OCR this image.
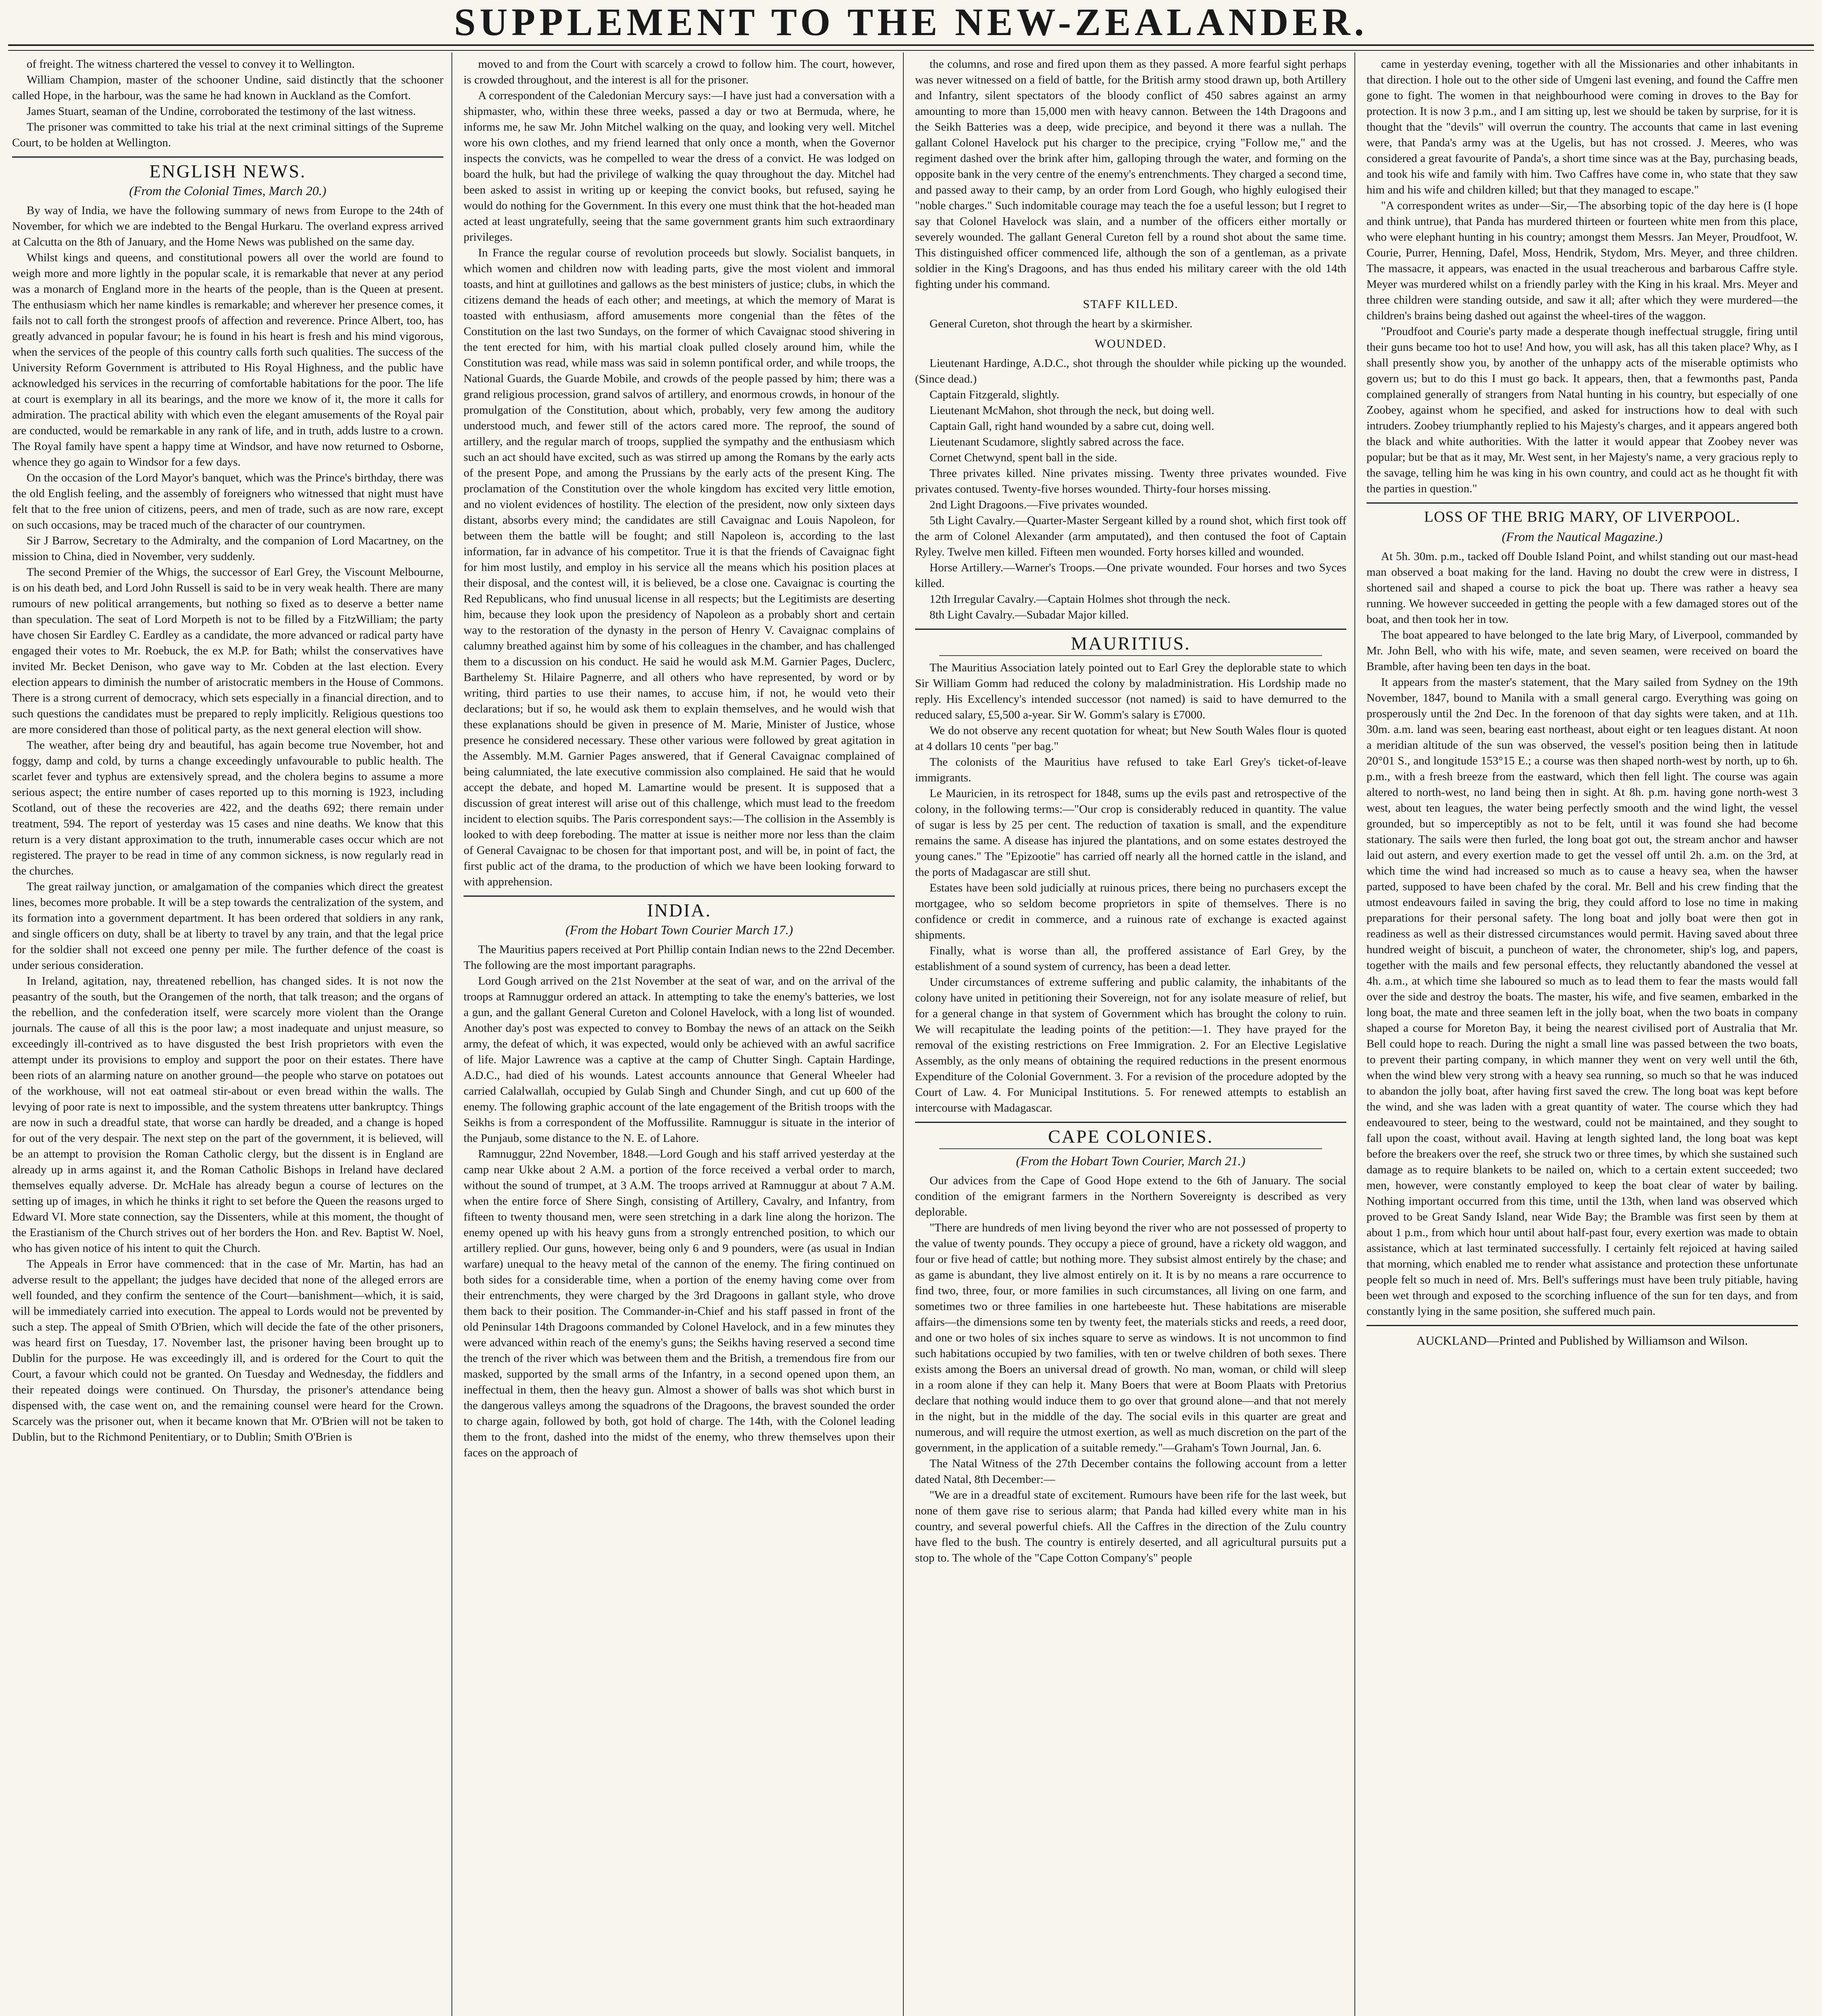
SUPPLEMENT TO THE NEW-ZEALANDER.

of freight. The witness chartered the vessel to convey it to Wellington.

William Champion, master of the schooner Undine, said distinctly that the schooner called Hope, in the harbour, was the same he had known in Auckland as the Comfort.

James Stuart, seaman of the Undine, corroborated the testimony of the last witness.

The prisoner was committed to take his trial at the next criminal sittings of the Supreme Court, to be holden at Wellington.

ENGLISH NEWS.
(From the Colonial Times, March 20.)

By way of India, we have the following summary of news from Europe to the 24th of November, for which we are indebted to the Bengal Hurkaru. The overland express arrived at Calcutta on the 8th of January, and the Home News was published on the same day.

Whilst kings and queens, and constitutional powers all over the world are found to weigh more and more lightly in the popular scale, it is remarkable that never at any period was a monarch of England more in the hearts of the people, than is the Queen at present. The enthusiasm which her name kindles is remarkable; and wherever her presence comes, it fails not to call forth the strongest proofs of affection and reverence. Prince Albert, too, has greatly advanced in popular favour; he is found in his heart is fresh and his mind vigorous, when the services of the people of this country calls forth such qualities. The success of the University Reform Government is attributed to His Royal Highness, and the public have acknowledged his services in the recurring of comfortable habitations for the poor. The life at court is exemplary in all its bearings, and the more we know of it, the more it calls for admiration. The practical ability with which even the elegant amusements of the Royal pair are conducted, would be remarkable in any rank of life, and in truth, adds lustre to a crown. The Royal family have spent a happy time at Windsor, and have now returned to Osborne, whence they go again to Windsor for a few days.

On the occasion of the Lord Mayor's banquet, which was the Prince's birthday, there was the old English feeling, and the assembly of foreigners who witnessed that night must have felt that to the free union of citizens, peers, and men of trade, such as are now rare, except on such occasions, may be traced much of the character of our countrymen.

Sir J Barrow, Secretary to the Admiralty, and the companion of Lord Macartney, on the mission to China, died in November, very suddenly.

The second Premier of the Whigs, the successor of Earl Grey, the Viscount Melbourne, is on his death bed, and Lord John Russell is said to be in very weak health. There are many rumours of new political arrangements, but nothing so fixed as to deserve a better name than speculation. The seat of Lord Morpeth is not to be filled by a FitzWilliam; the party have chosen Sir Eardley C. Eardley as a candidate, the more advanced or radical party have engaged their votes to Mr. Roebuck, the ex M.P. for Bath; whilst the conservatives have invited Mr. Becket Denison, who gave way to Mr. Cobden at the last election. Every election appears to diminish the number of aristocratic members in the House of Commons. There is a strong current of democracy, which sets especially in a financial direction, and to such questions the candidates must be prepared to reply implicitly. Religious questions too are more considered than those of political party, as the next general election will show.

The weather, after being dry and beautiful, has again become true November, hot and foggy, damp and cold, by turns a change exceedingly unfavourable to public health. The scarlet fever and typhus are extensively spread, and the cholera begins to assume a more serious aspect; the entire number of cases reported up to this morning is 1923, including Scotland, out of these the recoveries are 422, and the deaths 692; there remain under treatment, 594. The report of yesterday was 15 cases and nine deaths. We know that this return is a very distant approximation to the truth, innumerable cases occur which are not registered. The prayer to be read in time of any common sickness, is now regularly read in the churches.

The great railway junction, or amalgamation of the companies which direct the greatest lines, becomes more probable. It will be a step towards the centralization of the system, and its formation into a government department. It has been ordered that soldiers in any rank, and single officers on duty, shall be at liberty to travel by any train, and that the legal price for the soldier shall not exceed one penny per mile. The further defence of the coast is under serious consideration.

In Ireland, agitation, nay, threatened rebellion, has changed sides. It is not now the peasantry of the south, but the Orangemen of the north, that talk treason; and the organs of the rebellion, and the confederation itself, were scarcely more violent than the Orange journals. The cause of all this is the poor law; a most inadequate and unjust measure, so exceedingly ill-contrived as to have disgusted the best Irish proprietors with even the attempt under its provisions to employ and support the poor on their estates. There have been riots of an alarming nature on another ground—the people who starve on potatoes out of the workhouse, will not eat oatmeal stir-about or even bread within the walls. The levying of poor rate is next to impossible, and the system threatens utter bankruptcy. Things are now in such a dreadful state, that worse can hardly be dreaded, and a change is hoped for out of the very despair. The next step on the part of the government, it is believed, will be an attempt to provision the Roman Catholic clergy, but the dissent is in England are already up in arms against it, and the Roman Catholic Bishops in Ireland have declared themselves equally adverse. Dr. McHale has already begun a course of lectures on the setting up of images, in which he thinks it right to set before the Queen the reasons urged to Edward VI. More state connection, say the Dissenters, while at this moment, the thought of the Erastianism of the Church strives out of her borders the Hon. and Rev. Baptist W. Noel, who has given notice of his intent to quit the Church.

The Appeals in Error have commenced: that in the case of Mr. Martin, has had an adverse result to the appellant; the judges have decided that none of the alleged errors are well founded, and they confirm the sentence of the Court—banishment—which, it is said, will be immediately carried into execution. The appeal to Lords would not be prevented by such a step. The appeal of Smith O'Brien, which will decide the fate of the other prisoners, was heard first on Tuesday, 17. November last, the prisoner having been brought up to Dublin for the purpose. He was exceedingly ill, and is ordered for the Court to quit the Court, a favour which could not be granted. On Tuesday and Wednesday, the fiddlers and their repeated doings were continued. On Thursday, the prisoner's attendance being dispensed with, the case went on, and the remaining counsel were heard for the Crown. Scarcely was the prisoner out, when it became known that Mr. O'Brien will not be taken to Dublin, but to the Richmond Penitentiary, or to Dublin; Smith O'Brien is

moved to and from the Court with scarcely a crowd to follow him. The court, however, is crowded throughout, and the interest is all for the prisoner.

A correspondent of the Caledonian Mercury says:—I have just had a conversation with a shipmaster, who, within these three weeks, passed a day or two at Bermuda, where, he informs me, he saw Mr. John Mitchel walking on the quay, and looking very well. Mitchel wore his own clothes, and my friend learned that only once a month, when the Governor inspects the convicts, was he compelled to wear the dress of a convict. He was lodged on board the hulk, but had the privilege of walking the quay throughout the day. Mitchel had been asked to assist in writing up or keeping the convict books, but refused, saying he would do nothing for the Government. In this every one must think that the hot-headed man acted at least ungratefully, seeing that the same government grants him such extraordinary privileges.

In France the regular course of revolution proceeds but slowly. Socialist banquets, in which women and children now with leading parts, give the most violent and immoral toasts, and hint at guillotines and gallows as the best ministers of justice; clubs, in which the citizens demand the heads of each other; and meetings, at which the memory of Marat is toasted with enthusiasm, afford amusements more congenial than the fêtes of the Constitution on the last two Sundays, on the former of which Cavaignac stood shivering in the tent erected for him, with his martial cloak pulled closely around him, while the Constitution was read, while mass was said in solemn pontifical order, and while troops, the National Guards, the Guarde Mobile, and crowds of the people passed by him; there was a grand religious procession, grand salvos of artillery, and enormous crowds, in honour of the promulgation of the Constitution, about which, probably, very few among the auditory understood much, and fewer still of the actors cared more. The reproof, the sound of artillery, and the regular march of troops, supplied the sympathy and the enthusiasm which such an act should have excited, such as was stirred up among the Romans by the early acts of the present Pope, and among the Prussians by the early acts of the present King. The proclamation of the Constitution over the whole kingdom has excited very little emotion, and no violent evidences of hostility. The election of the president, now only sixteen days distant, absorbs every mind; the candidates are still Cavaignac and Louis Napoleon, for between them the battle will be fought; and still Napoleon is, according to the last information, far in advance of his competitor. True it is that the friends of Cavaignac fight for him most lustily, and employ in his service all the means which his position places at their disposal, and the contest will, it is believed, be a close one. Cavaignac is courting the Red Republicans, who find unusual license in all respects; but the Legitimists are deserting him, because they look upon the presidency of Napoleon as a probably short and certain way to the restoration of the dynasty in the person of Henry V. Cavaignac complains of calumny breathed against him by some of his colleagues in the chamber, and has challenged them to a discussion on his conduct. He said he would ask M.M. Garnier Pages, Duclerc, Barthelemy St. Hilaire Pagnerre, and all others who have represented, by word or by writing, third parties to use their names, to accuse him, if not, he would veto their declarations; but if so, he would ask them to explain themselves, and he would wish that these explanations should be given in presence of M. Marie, Minister of Justice, whose presence he considered necessary. These other various were followed by great agitation in the Assembly. M.M. Garnier Pages answered, that if General Cavaignac complained of being calumniated, the late executive commission also complained. He said that he would accept the debate, and hoped M. Lamartine would be present. It is supposed that a discussion of great interest will arise out of this challenge, which must lead to the freedom incident to election squibs. The Paris correspondent says:—The collision in the Assembly is looked to with deep foreboding. The matter at issue is neither more nor less than the claim of General Cavaignac to be chosen for that important post, and will be, in point of fact, the first public act of the drama, to the production of which we have been looking forward to with apprehension.

INDIA.
(From the Hobart Town Courier March 17.)

The Mauritius papers received at Port Phillip contain Indian news to the 22nd December. The following are the most important paragraphs.

Lord Gough arrived on the 21st November at the seat of war, and on the arrival of the troops at Ramnuggur ordered an attack. In attempting to take the enemy's batteries, we lost a gun, and the gallant General Cureton and Colonel Havelock, with a long list of wounded. Another day's post was expected to convey to Bombay the news of an attack on the Seikh army, the defeat of which, it was expected, would only be achieved with an awful sacrifice of life. Major Lawrence was a captive at the camp of Chutter Singh. Captain Hardinge, A.D.C., had died of his wounds. Latest accounts announce that General Wheeler had carried Calalwallah, occupied by Gulab Singh and Chunder Singh, and cut up 600 of the enemy. The following graphic account of the late engagement of the British troops with the Seikhs is from a correspondent of the Moffussilite. Ramnuggur is situate in the interior of the Punjaub, some distance to the N. E. of Lahore.

Ramnuggur, 22nd November, 1848.—Lord Gough and his staff arrived yesterday at the camp near Ukke about 2 A.M. a portion of the force received a verbal order to march, without the sound of trumpet, at 3 A.M. The troops arrived at Ramnuggur at about 7 A.M. when the entire force of Shere Singh, consisting of Artillery, Cavalry, and Infantry, from fifteen to twenty thousand men, were seen stretching in a dark line along the horizon. The enemy opened up with his heavy guns from a strongly entrenched position, to which our artillery replied. Our guns, however, being only 6 and 9 pounders, were (as usual in Indian warfare) unequal to the heavy metal of the cannon of the enemy. The firing continued on both sides for a considerable time, when a portion of the enemy having come over from their entrenchments, they were charged by the 3rd Dragoons in gallant style, who drove them back to their position. The Commander-in-Chief and his staff passed in front of the old Peninsular 14th Dragoons commanded by Colonel Havelock, and in a few minutes they were advanced within reach of the enemy's guns; the Seikhs having reserved a second time the trench of the river which was between them and the British, a tremendous fire from our masked, supported by the small arms of the Infantry, in a second opened upon them, an ineffectual in them, then the heavy gun. Almost a shower of balls was shot which burst in the dangerous valleys among the squadrons of the Dragoons, the bravest sounded the order to charge again, followed by both, got hold of charge. The 14th, with the Colonel leading them to the front, dashed into the midst of the enemy, who threw themselves upon their faces on the approach of

the columns, and rose and fired upon them as they passed. A more fearful sight perhaps was never witnessed on a field of battle, for the British army stood drawn up, both Artillery and Infantry, silent spectators of the bloody conflict of 450 sabres against an army amounting to more than 15,000 men with heavy cannon. Between the 14th Dragoons and the Seikh Batteries was a deep, wide precipice, and beyond it there was a nullah. The gallant Colonel Havelock put his charger to the precipice, crying "Follow me," and the regiment dashed over the brink after him, galloping through the water, and forming on the opposite bank in the very centre of the enemy's entrenchments. They charged a second time, and passed away to their camp, by an order from Lord Gough, who highly eulogised their "noble charges." Such indomitable courage may teach the foe a useful lesson; but I regret to say that Colonel Havelock was slain, and a number of the officers either mortally or severely wounded. The gallant General Cureton fell by a round shot about the same time. This distinguished officer commenced life, although the son of a gentleman, as a private soldier in the King's Dragoons, and has thus ended his military career with the old 14th fighting under his command.

STAFF KILLED.

General Cureton, shot through the heart by a skirmisher.

WOUNDED.

Lieutenant Hardinge, A.D.C., shot through the shoulder while picking up the wounded. (Since dead.)

Captain Fitzgerald, slightly.

Lieutenant McMahon, shot through the neck, but doing well.

Captain Gall, right hand wounded by a sabre cut, doing well.

Lieutenant Scudamore, slightly sabred across the face.

Cornet Chetwynd, spent ball in the side.

Three privates killed. Nine privates missing. Twenty three privates wounded. Five privates contused. Twenty-five horses wounded. Thirty-four horses missing.

2nd Light Dragoons.—Five privates wounded.

5th Light Cavalry.—Quarter-Master Sergeant killed by a round shot, which first took off the arm of Colonel Alexander (arm amputated), and then contused the foot of Captain Ryley. Twelve men killed. Fifteen men wounded. Forty horses killed and wounded.

Horse Artillery.—Warner's Troops.—One private wounded. Four horses and two Syces killed.

12th Irregular Cavalry.—Captain Holmes shot through the neck.

8th Light Cavalry.—Subadar Major killed.

MAURITIUS.

The Mauritius Association lately pointed out to Earl Grey the deplorable state to which Sir William Gomm had reduced the colony by maladministration. His Lordship made no reply. His Excellency's intended successor (not named) is said to have demurred to the reduced salary, £5,500 a-year. Sir W. Gomm's salary is £7000.

We do not observe any recent quotation for wheat; but New South Wales flour is quoted at 4 dollars 10 cents "per bag."

The colonists of the Mauritius have refused to take Earl Grey's ticket-of-leave immigrants.

Le Mauricien, in its retrospect for 1848, sums up the evils past and retrospective of the colony, in the following terms:—"Our crop is considerably reduced in quantity. The value of sugar is less by 25 per cent. The reduction of taxation is small, and the expenditure remains the same. A disease has injured the plantations, and on some estates destroyed the young canes." The "Epizootie" has carried off nearly all the horned cattle in the island, and the ports of Madagascar are still shut.

Estates have been sold judicially at ruinous prices, there being no purchasers except the mortgagee, who so seldom become proprietors in spite of themselves. There is no confidence or credit in commerce, and a ruinous rate of exchange is exacted against shipments.

Finally, what is worse than all, the proffered assistance of Earl Grey, by the establishment of a sound system of currency, has been a dead letter.

Under circumstances of extreme suffering and public calamity, the inhabitants of the colony have united in petitioning their Sovereign, not for any isolate measure of relief, but for a general change in that system of Government which has brought the colony to ruin. We will recapitulate the leading points of the petition:—1. They have prayed for the removal of the existing restrictions on Free Immigration. 2. For an Elective Legislative Assembly, as the only means of obtaining the required reductions in the present enormous Expenditure of the Colonial Government. 3. For a revision of the procedure adopted by the Court of Law. 4. For Municipal Institutions. 5. For renewed attempts to establish an intercourse with Madagascar.

CAPE COLONIES.
(From the Hobart Town Courier, March 21.)

Our advices from the Cape of Good Hope extend to the 6th of January. The social condition of the emigrant farmers in the Northern Sovereignty is described as very deplorable.

"There are hundreds of men living beyond the river who are not possessed of property to the value of twenty pounds. They occupy a piece of ground, have a rickety old waggon, and four or five head of cattle; but nothing more. They subsist almost entirely by the chase; and as game is abundant, they live almost entirely on it. It is by no means a rare occurrence to find two, three, four, or more families in such circumstances, all living on one farm, and sometimes two or three families in one hartebeeste hut. These habitations are miserable affairs—the dimensions some ten by twenty feet, the materials sticks and reeds, a reed door, and one or two holes of six inches square to serve as windows. It is not uncommon to find such habitations occupied by two families, with ten or twelve children of both sexes. There exists among the Boers an universal dread of growth. No man, woman, or child will sleep in a room alone if they can help it. Many Boers that were at Boom Plaats with Pretorius declare that nothing would induce them to go over that ground alone—and that not merely in the night, but in the middle of the day. The social evils in this quarter are great and numerous, and will require the utmost exertion, as well as much discretion on the part of the government, in the application of a suitable remedy."—Graham's Town Journal, Jan. 6.

The Natal Witness of the 27th December contains the following account from a letter dated Natal, 8th December:—

"We are in a dreadful state of excitement. Rumours have been rife for the last week, but none of them gave rise to serious alarm; that Panda had killed every white man in his country, and several powerful chiefs. All the Caffres in the direction of the Zulu country have fled to the bush. The country is entirely deserted, and all agricultural pursuits put a stop to. The whole of the "Cape Cotton Company's" people

came in yesterday evening, together with all the Missionaries and other inhabitants in that direction. I hole out to the other side of Umgeni last evening, and found the Caffre men gone to fight. The women in that neighbourhood were coming in droves to the Bay for protection. It is now 3 p.m., and I am sitting up, lest we should be taken by surprise, for it is thought that the "devils" will overrun the country. The accounts that came in last evening were, that Panda's army was at the Ugelis, but has not crossed. J. Meeres, who was considered a great favourite of Panda's, a short time since was at the Bay, purchasing beads, and took his wife and family with him. Two Caffres have come in, who state that they saw him and his wife and children killed; but that they managed to escape."

"A correspondent writes as under—Sir,—The absorbing topic of the day here is (I hope and think untrue), that Panda has murdered thirteen or fourteen white men from this place, who were elephant hunting in his country; amongst them Messrs. Jan Meyer, Proudfoot, W. Courie, Purrer, Henning, Dafel, Moss, Hendrik, Stydom, Mrs. Meyer, and three children. The massacre, it appears, was enacted in the usual treacherous and barbarous Caffre style. Meyer was murdered whilst on a friendly parley with the King in his kraal. Mrs. Meyer and three children were standing outside, and saw it all; after which they were murdered—the children's brains being dashed out against the wheel-tires of the waggon.

"Proudfoot and Courie's party made a desperate though ineffectual struggle, firing until their guns became too hot to use! And how, you will ask, has all this taken place? Why, as I shall presently show you, by another of the unhappy acts of the miserable optimists who govern us; but to do this I must go back. It appears, then, that a fewmonths past, Panda complained generally of strangers from Natal hunting in his country, but especially of one Zoobey, against whom he specified, and asked for instructions how to deal with such intruders. Zoobey triumphantly replied to his Majesty's charges, and it appears angered both the black and white authorities. With the latter it would appear that Zoobey never was popular; but be that as it may, Mr. West sent, in her Majesty's name, a very gracious reply to the savage, telling him he was king in his own country, and could act as he thought fit with the parties in question."

LOSS OF THE BRIG MARY, OF LIVERPOOL.
(From the Nautical Magazine.)

At 5h. 30m. p.m., tacked off Double Island Point, and whilst standing out our mast-head man observed a boat making for the land. Having no doubt the crew were in distress, I shortened sail and shaped a course to pick the boat up. There was rather a heavy sea running. We however succeeded in getting the people with a few damaged stores out of the boat, and then took her in tow.

The boat appeared to have belonged to the late brig Mary, of Liverpool, commanded by Mr. John Bell, who with his wife, mate, and seven seamen, were received on board the Bramble, after having been ten days in the boat.

It appears from the master's statement, that the Mary sailed from Sydney on the 19th November, 1847, bound to Manila with a small general cargo. Everything was going on prosperously until the 2nd Dec. In the forenoon of that day sights were taken, and at 11h. 30m. a.m. land was seen, bearing east northeast, about eight or ten leagues distant. At noon a meridian altitude of the sun was observed, the vessel's position being then in latitude 20°01 S., and longitude 153°15 E.; a course was then shaped north-west by north, up to 6h. p.m., with a fresh breeze from the eastward, which then fell light. The course was again altered to north-west, no land being then in sight. At 8h. p.m. having gone north-west 3 west, about ten leagues, the water being perfectly smooth and the wind light, the vessel grounded, but so imperceptibly as not to be felt, until it was found she had become stationary. The sails were then furled, the long boat got out, the stream anchor and hawser laid out astern, and every exertion made to get the vessel off until 2h. a.m. on the 3rd, at which time the wind had increased so much as to cause a heavy sea, when the hawser parted, supposed to have been chafed by the coral. Mr. Bell and his crew finding that the utmost endeavours failed in saving the brig, they could afford to lose no time in making preparations for their personal safety. The long boat and jolly boat were then got in readiness as well as their distressed circumstances would permit. Having saved about three hundred weight of biscuit, a puncheon of water, the chronometer, ship's log, and papers, together with the mails and few personal effects, they reluctantly abandoned the vessel at 4h. a.m., at which time she laboured so much as to lead them to fear the masts would fall over the side and destroy the boats. The master, his wife, and five seamen, embarked in the long boat, the mate and three seamen left in the jolly boat, when the two boats in company shaped a course for Moreton Bay, it being the nearest civilised port of Australia that Mr. Bell could hope to reach. During the night a small line was passed between the two boats, to prevent their parting company, in which manner they went on very well until the 6th, when the wind blew very strong with a heavy sea running, so much so that he was induced to abandon the jolly boat, after having first saved the crew. The long boat was kept before the wind, and she was laden with a great quantity of water. The course which they had endeavoured to steer, being to the westward, could not be maintained, and they sought to fall upon the coast, without avail. Having at length sighted land, the long boat was kept before the breakers over the reef, she struck two or three times, by which she sustained such damage as to require blankets to be nailed on, which to a certain extent succeeded; two men, however, were constantly employed to keep the boat clear of water by bailing. Nothing important occurred from this time, until the 13th, when land was observed which proved to be Great Sandy Island, near Wide Bay; the Bramble was first seen by them at about 1 p.m., from which hour until about half-past four, every exertion was made to obtain assistance, which at last terminated successfully. I certainly felt rejoiced at having sailed that morning, which enabled me to render what assistance and protection these unfortunate people felt so much in need of. Mrs. Bell's sufferings must have been truly pitiable, having been wet through and exposed to the scorching influence of the sun for ten days, and from constantly lying in the same position, she suffered much pain.

AUCKLAND—Printed and Published by Williamson and Wilson.
